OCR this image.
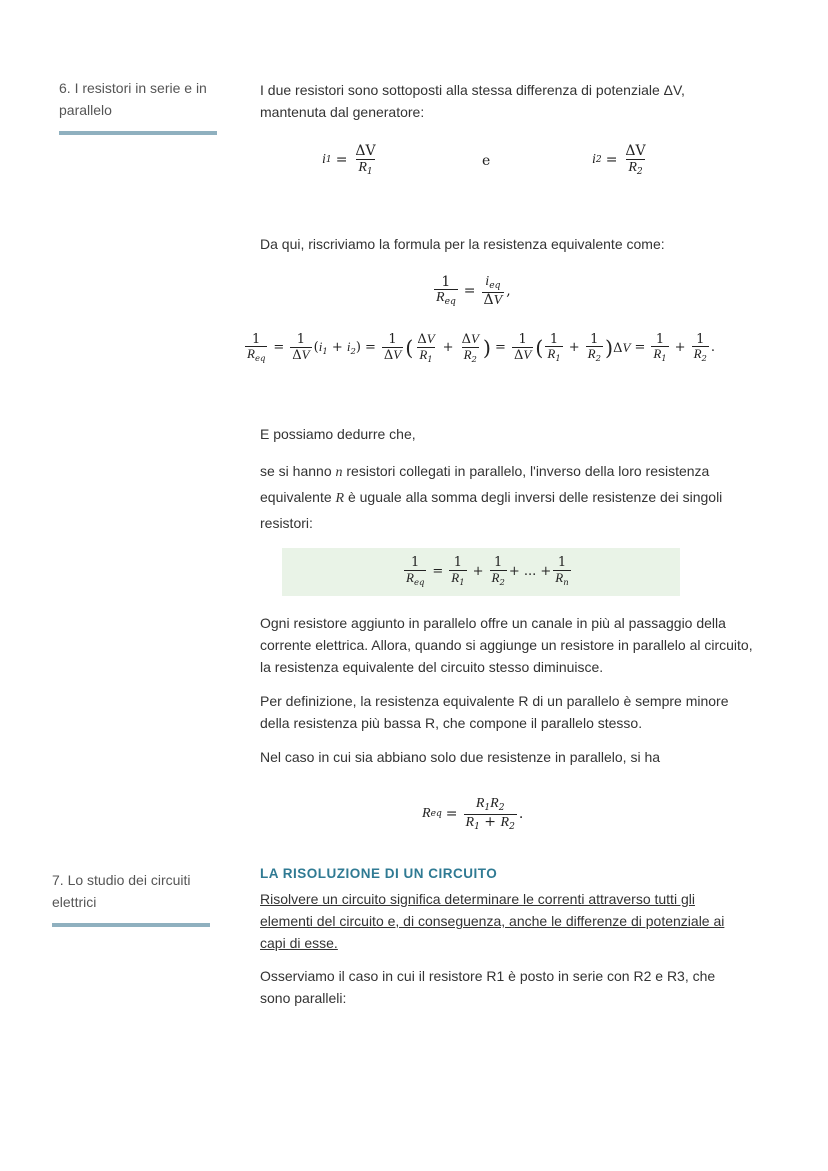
6. I resistori in serie e in parallelo
I due resistori sono sottoposti alla stessa differenza di potenziale ΔV, mantenuta dal generatore:
i $1 = \frac{\Delta V}{R_1}$	e	i $2 = \frac{\Delta V}{R_2}$
Da qui, riscriviamo la formula per la resistenza equivalente come:
$\frac{1}{R_{eq}} = \frac{i_{eq}}{\Delta V}$ ,
$\frac{1}{R_{eq}} = \frac{1}{\Delta V} (i_1 + i_2) = \frac{1}{\Delta V}$ ( $\frac{\Delta V}{R_1} + \frac{\Delta V}{R_2}$ ) = $\frac{1}{\Delta V}$ ( $\frac{1}{R_1} + \frac{1}{R_2}$ ) $\Delta V = \frac{1}{R_1} + \frac{1}{R_2}$ .
E possiamo dedurre che,
se si hanno n resistori collegati in parallelo, l'inverso della loro resistenza equivalente R è uguale alla somma degli inversi delle resistenze dei singoli resistori:
$\frac{1}{R_{eq}} = \frac{1}{R_1} + \frac{1}{R_2}$ + ... + $\frac{1}{R_n}$
Ogni resistore aggiunto in parallelo offre un canale in più al passaggio della corrente elettrica. Allora, quando si aggiunge un resistore in parallelo al circuito, la resistenza equivalente del circuito stesso diminuisce.
Per definizione, la resistenza equivalente R di un parallelo è sempre minore della resistenza più bassa R, che compone il parallelo stesso.
Nel caso in cui sia abbiano solo due resistenze in parallelo, si ha
R eq = $\frac{R_1R_2}{R_1 + R_2}$ .
7. Lo studio dei circuiti elettrici
LA RISOLUZIONE DI UN CIRCUITO
Risolvere un circuito significa determinare le correnti attraverso tutti gli elementi del circuito e, di conseguenza, anche le differenze di potenziale ai capi di esse.
Osserviamo il caso in cui il resistore R1 è posto in serie con R2 e R3, che sono paralleli:
